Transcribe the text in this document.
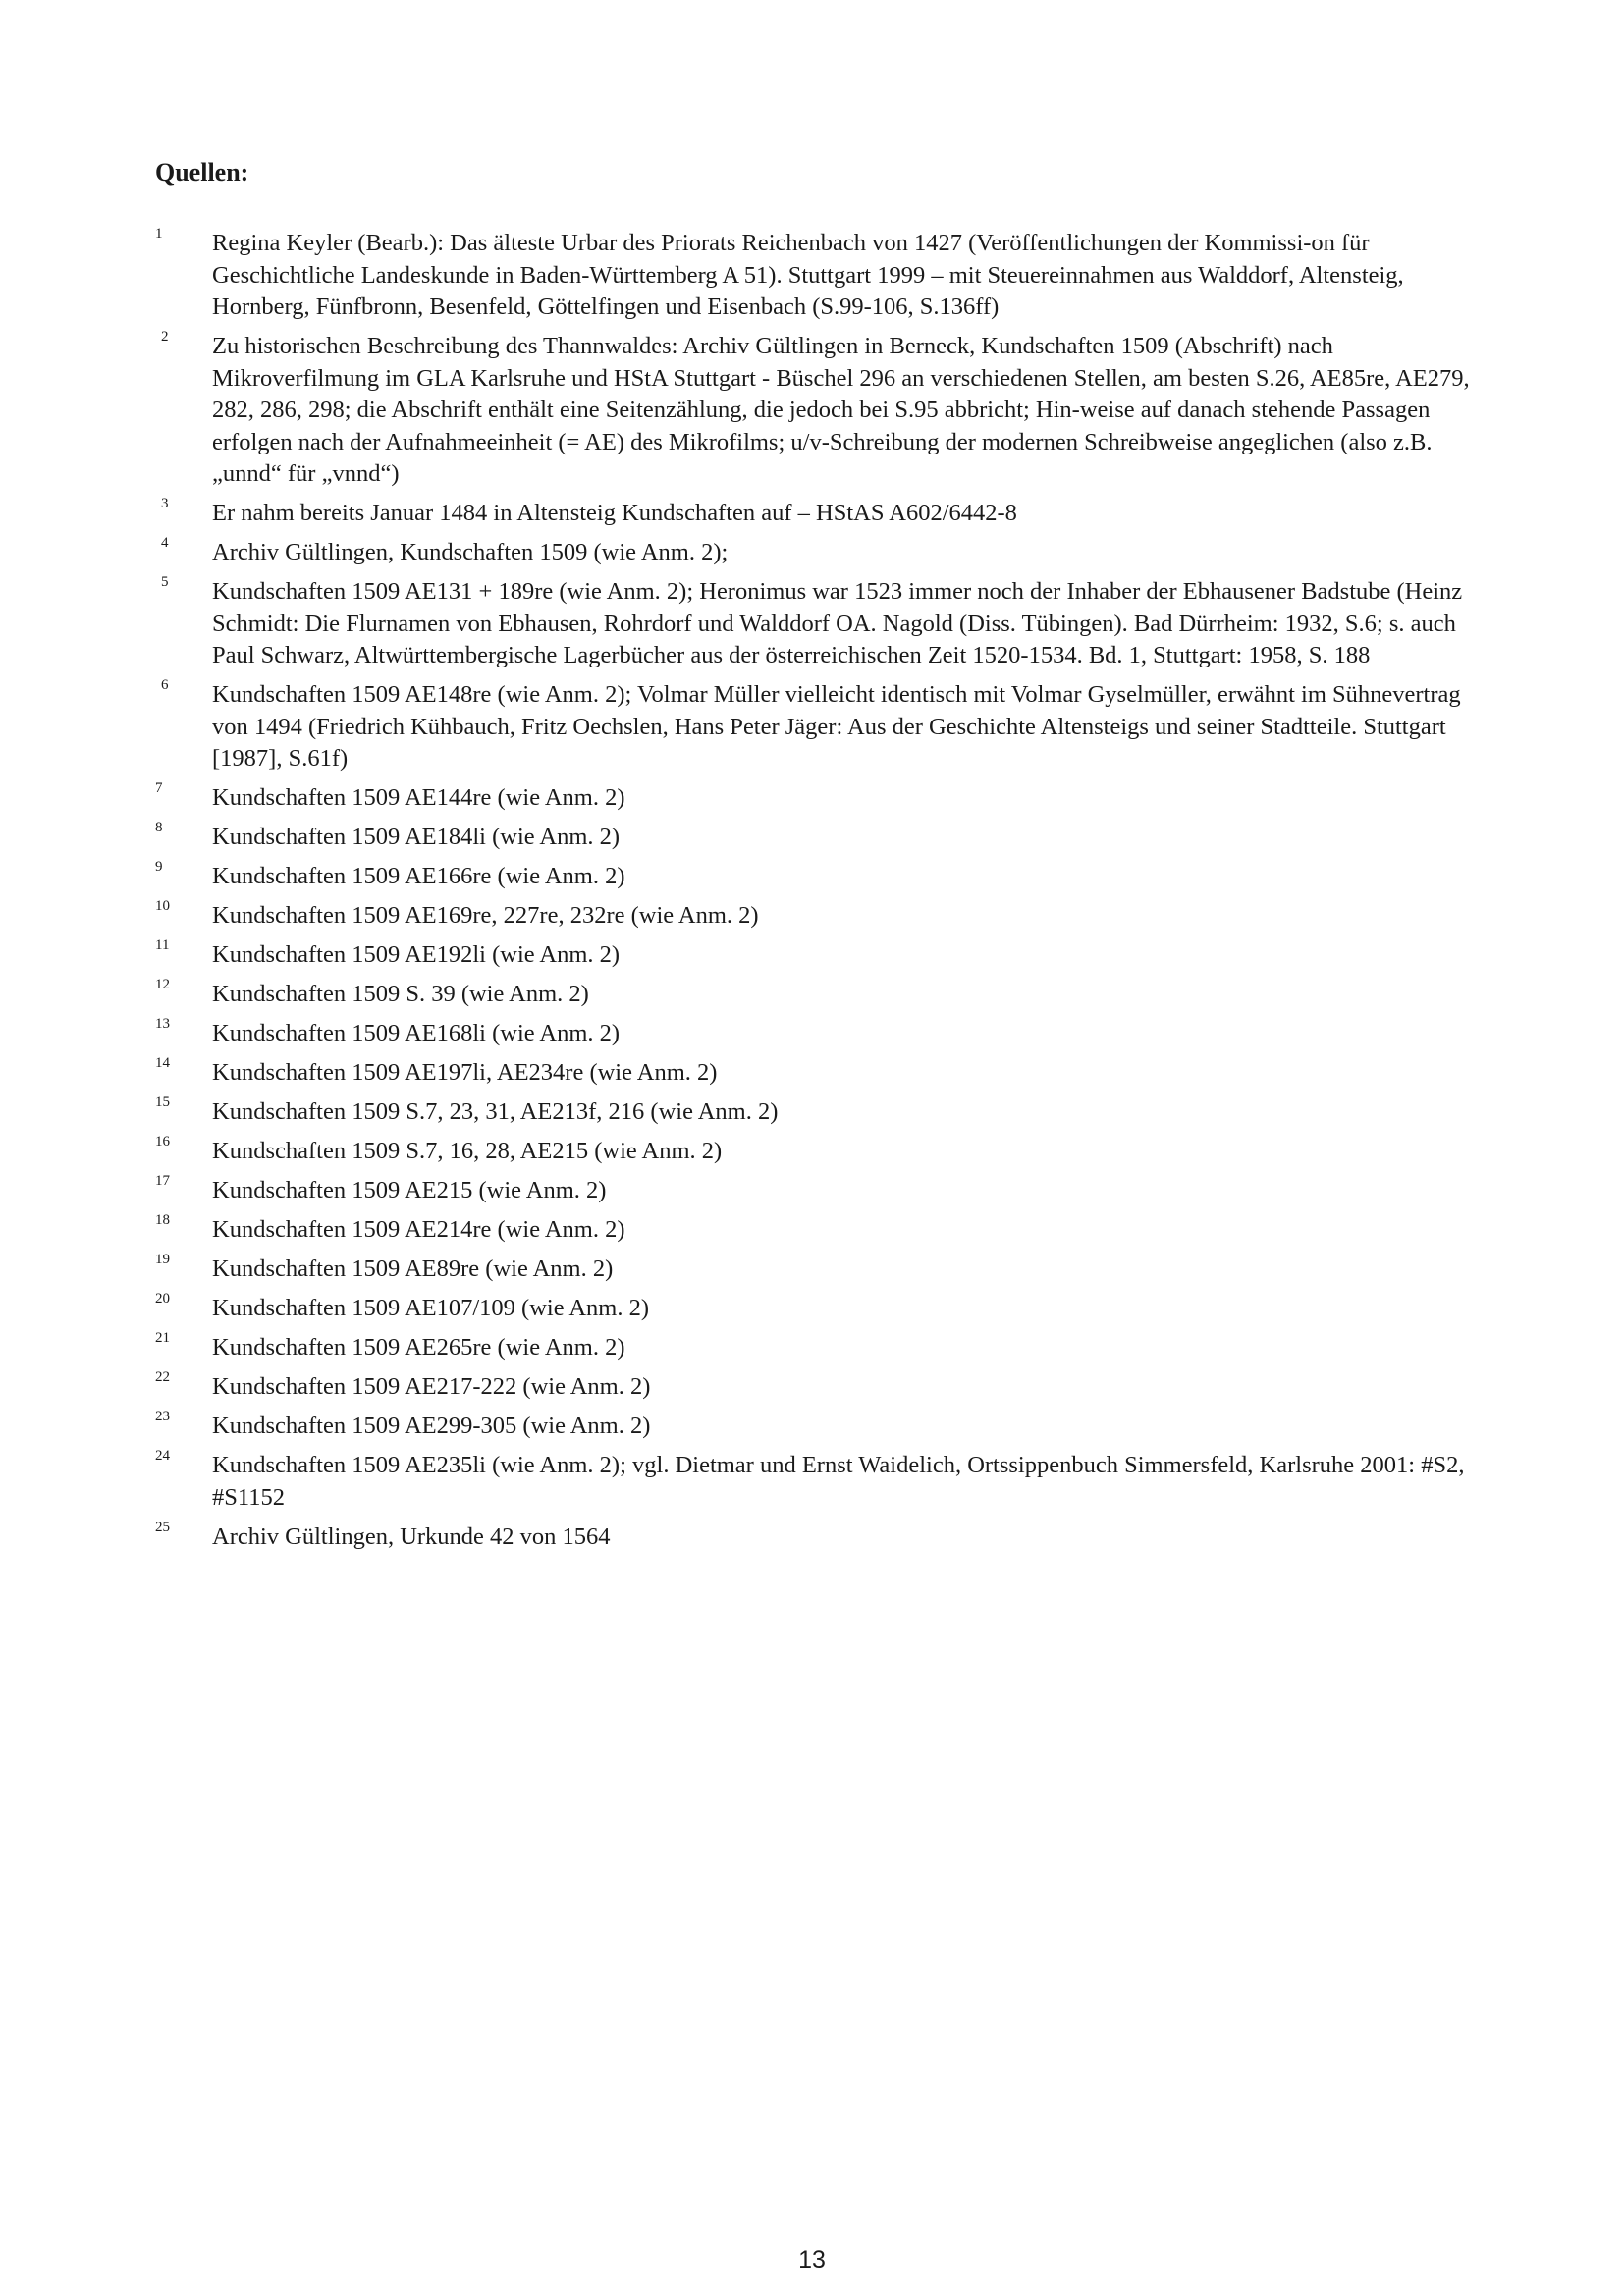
Quellen:
1	Regina Keyler (Bearb.): Das älteste Urbar des Priorats Reichenbach von 1427 (Veröffentlichungen der Kommissi-on für Geschichtliche Landeskunde in Baden-Württemberg A 51). Stuttgart 1999 – mit Steuereinnahmen aus Walddorf, Altensteig, Hornberg, Fünfbronn, Besenfeld, Göttelfingen und Eisenbach (S.99-106, S.136ff)
2	Zu historischen Beschreibung des Thannwaldes: Archiv Gültlingen in Berneck, Kundschaften 1509 (Abschrift) nach Mikroverfilmung im GLA Karlsruhe und HStA Stuttgart - Büschel 296 an verschiedenen Stellen, am besten S.26, AE85re, AE279, 282, 286, 298; die Abschrift enthält eine Seitenzählung, die jedoch bei S.95 abbricht; Hin-weise auf danach stehende Passagen erfolgen nach der Aufnahmeeinheit (= AE) des Mikrofilms; u/v-Schreibung der modernen Schreibweise angeglichen (also z.B. „unnd“ für „vnnd“)
3	Er nahm bereits Januar 1484 in Altensteig Kundschaften auf – HStAS A602/6442-8
4	Archiv Gültlingen, Kundschaften 1509 (wie Anm. 2);
5	Kundschaften 1509 AE131 + 189re (wie Anm. 2); Heronimus war 1523 immer noch der Inhaber der Ebhausener Badstube (Heinz Schmidt: Die Flurnamen von Ebhausen, Rohrdorf und Walddorf OA. Nagold (Diss. Tübingen). Bad Dürrheim: 1932, S.6; s. auch Paul Schwarz, Altwürttembergische Lagerbücher aus der österreichischen Zeit 1520-1534. Bd. 1, Stuttgart: 1958, S. 188
6	Kundschaften 1509 AE148re (wie Anm. 2); Volmar Müller vielleicht identisch mit Volmar Gyselmüller, erwähnt im Sühnevertrag von 1494 (Friedrich Kühbauch, Fritz Oechslen, Hans Peter Jäger: Aus der Geschichte Altensteigs und seiner Stadtteile. Stuttgart [1987], S.61f)
7	Kundschaften 1509 AE144re (wie Anm. 2)
8	Kundschaften 1509 AE184li (wie Anm. 2)
9	Kundschaften 1509 AE166re (wie Anm. 2)
10 Kundschaften 1509 AE169re, 227re, 232re (wie Anm. 2)
11 Kundschaften 1509 AE192li (wie Anm. 2)
12 Kundschaften 1509 S. 39 (wie Anm. 2)
13 Kundschaften 1509 AE168li (wie Anm. 2)
14 Kundschaften 1509 AE197li, AE234re (wie Anm. 2)
15 Kundschaften 1509 S.7, 23, 31, AE213f, 216 (wie Anm. 2)
16 Kundschaften 1509 S.7, 16, 28, AE215 (wie Anm. 2)
17 Kundschaften 1509 AE215 (wie Anm. 2)
18 Kundschaften 1509 AE214re (wie Anm. 2)
19 Kundschaften 1509 AE89re (wie Anm. 2)
20 Kundschaften 1509 AE107/109 (wie Anm. 2)
21 Kundschaften 1509 AE265re (wie Anm. 2)
22 Kundschaften 1509 AE217-222 (wie Anm. 2)
23 Kundschaften 1509 AE299-305 (wie Anm. 2)
24 Kundschaften 1509 AE235li (wie Anm. 2); vgl. Dietmar und Ernst Waidelich, Ortssippenbuch Simmersfeld, Karlsruhe 2001: #S2, #S1152
25 Archiv Gültlingen, Urkunde 42 von 1564
13
